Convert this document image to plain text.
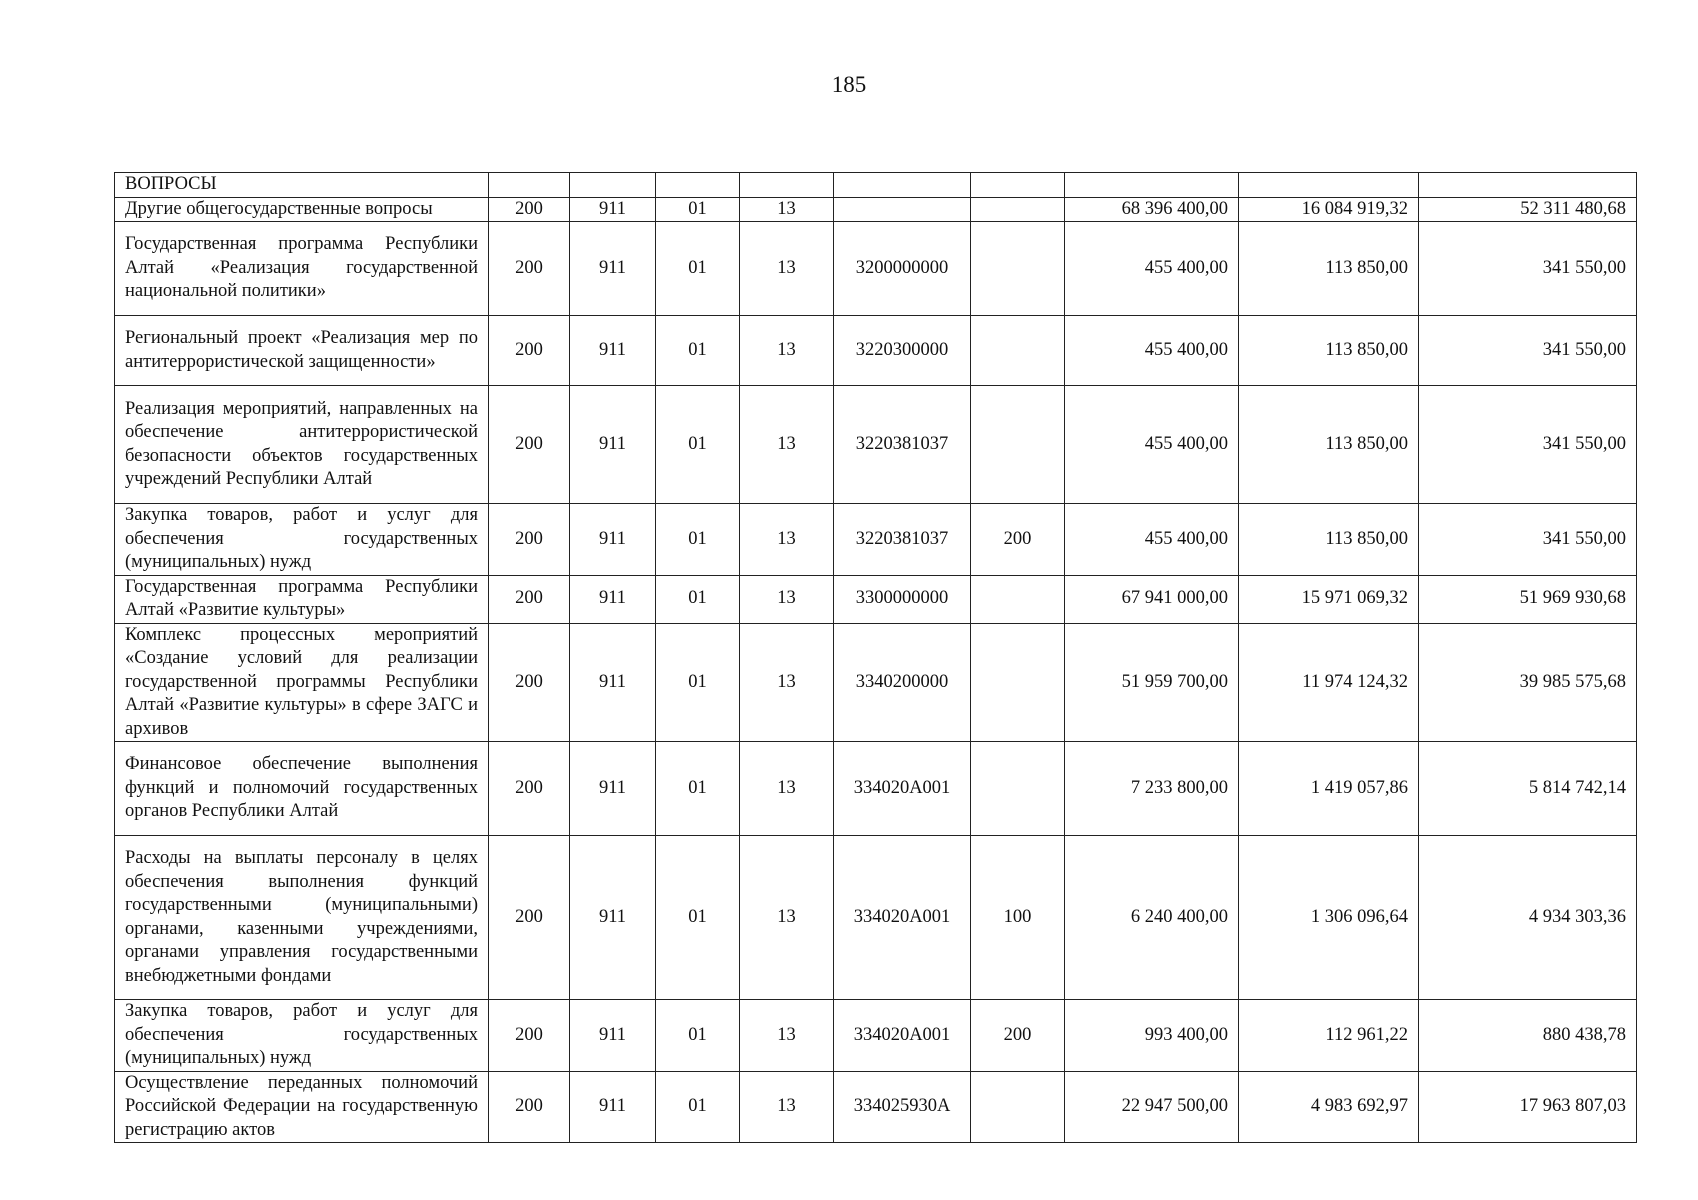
185
ВОПРОСЫ									
Другие общегосударственные вопросы	200	911	01	13			68 396 400,00	16 084 919,32	52 311 480,68
Государственная программа Республики Алтай «Реализация государственной национальной политики»	200	911	01	13	3200000000		455 400,00	113 850,00	341 550,00
Региональный проект «Реализация мер по антитеррористической защищенности»	200	911	01	13	3220300000		455 400,00	113 850,00	341 550,00
Реализация мероприятий, направленных на обеспечение антитеррористической безопасности объектов государственных учреждений Республики Алтай	200	911	01	13	3220381037		455 400,00	113 850,00	341 550,00
Закупка товаров, работ и услуг для обеспечения государственных (муниципальных) нужд	200	911	01	13	3220381037	200	455 400,00	113 850,00	341 550,00
Государственная программа Республики Алтай «Развитие культуры»	200	911	01	13	3300000000		67 941 000,00	15 971 069,32	51 969 930,68
Комплекс процессных мероприятий «Создание условий для реализации государственной программы Республики Алтай «Развитие культуры» в сфере ЗАГС и архивов	200	911	01	13	3340200000		51 959 700,00	11 974 124,32	39 985 575,68
Финансовое обеспечение выполнения функций и полномочий государственных органов Республики Алтай	200	911	01	13	334020А001		7 233 800,00	1 419 057,86	5 814 742,14
Расходы на выплаты персоналу в целях обеспечения выполнения функций государственными (муниципальными) органами, казенными учреждениями, органами управления государственными внебюджетными фондами	200	911	01	13	334020А001	100	6 240 400,00	1 306 096,64	4 934 303,36
Закупка товаров, работ и услуг для обеспечения государственных (муниципальных) нужд	200	911	01	13	334020А001	200	993 400,00	112 961,22	880 438,78
Осуществление переданных полномочий Российской Федерации на государственную регистрацию актов	200	911	01	13	334025930А		22 947 500,00	4 983 692,97	17 963 807,03
